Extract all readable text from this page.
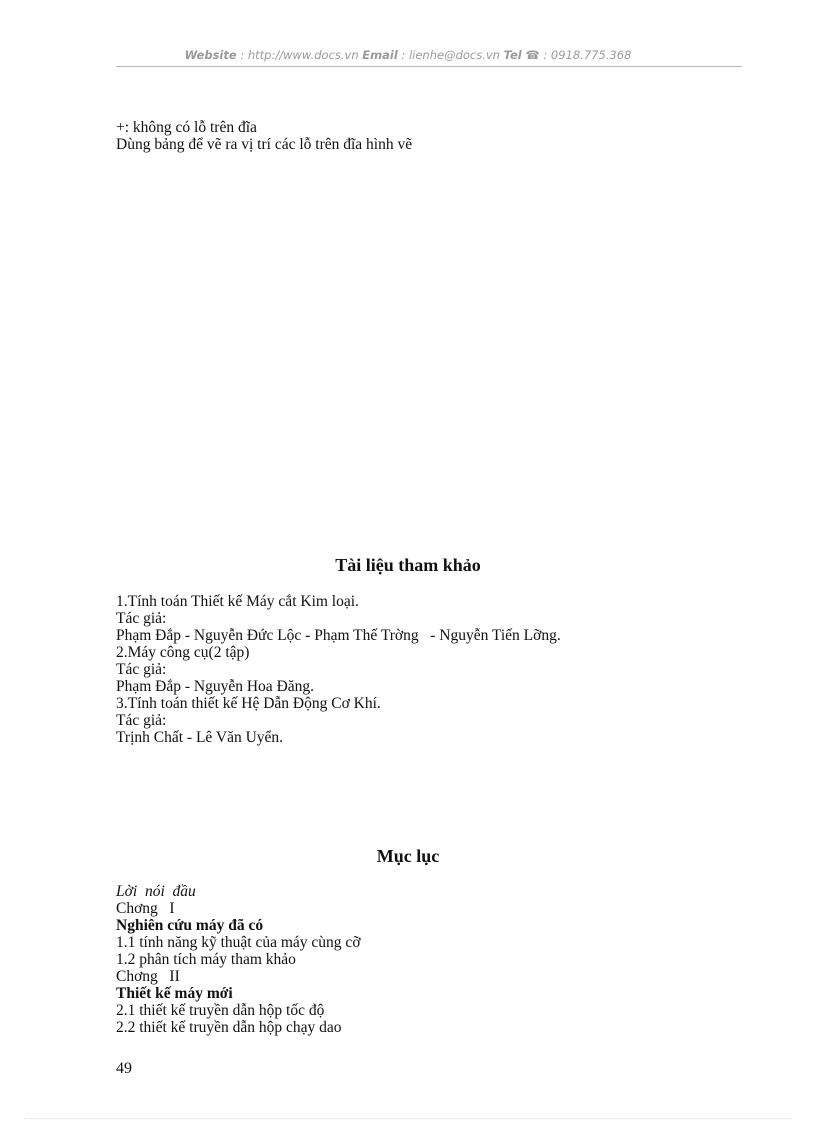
Website : http://www.docs.vn Email : lienhe@docs.vn Tel ☎ : 0918.775.368
+: không có lỗ trên đĩa
Dùng bảng để vẽ ra vị trí các lỗ trên đĩa hình vẽ
Tài liệu tham khảo
1.Tính toán Thiết kế Máy cắt Kim loại.
Tác giả:
Phạm Đắp - Nguyễn Đức Lộc - Phạm Thế Trờng   - Nguyễn Tiến Lỡng.
2.Máy công cụ(2 tập)
Tác giả:
Phạm Đắp - Nguyễn Hoa Đăng.
3.Tính toán thiết kế Hệ Dẫn Động Cơ Khí.
Tác giả:
Trịnh Chất - Lê Văn Uyển.
Mục lục
Lời  nói  đầu
Chơng   I
Nghiên cứu máy đã có
1.1 tính năng kỹ thuật của máy cùng cỡ
1.2 phân tích máy tham khảo
Chơng   II
Thiết kế máy mới
2.1 thiết kế truyền dẫn hộp tốc độ
2.2 thiết kế truyền dẫn hộp chạy dao
49
